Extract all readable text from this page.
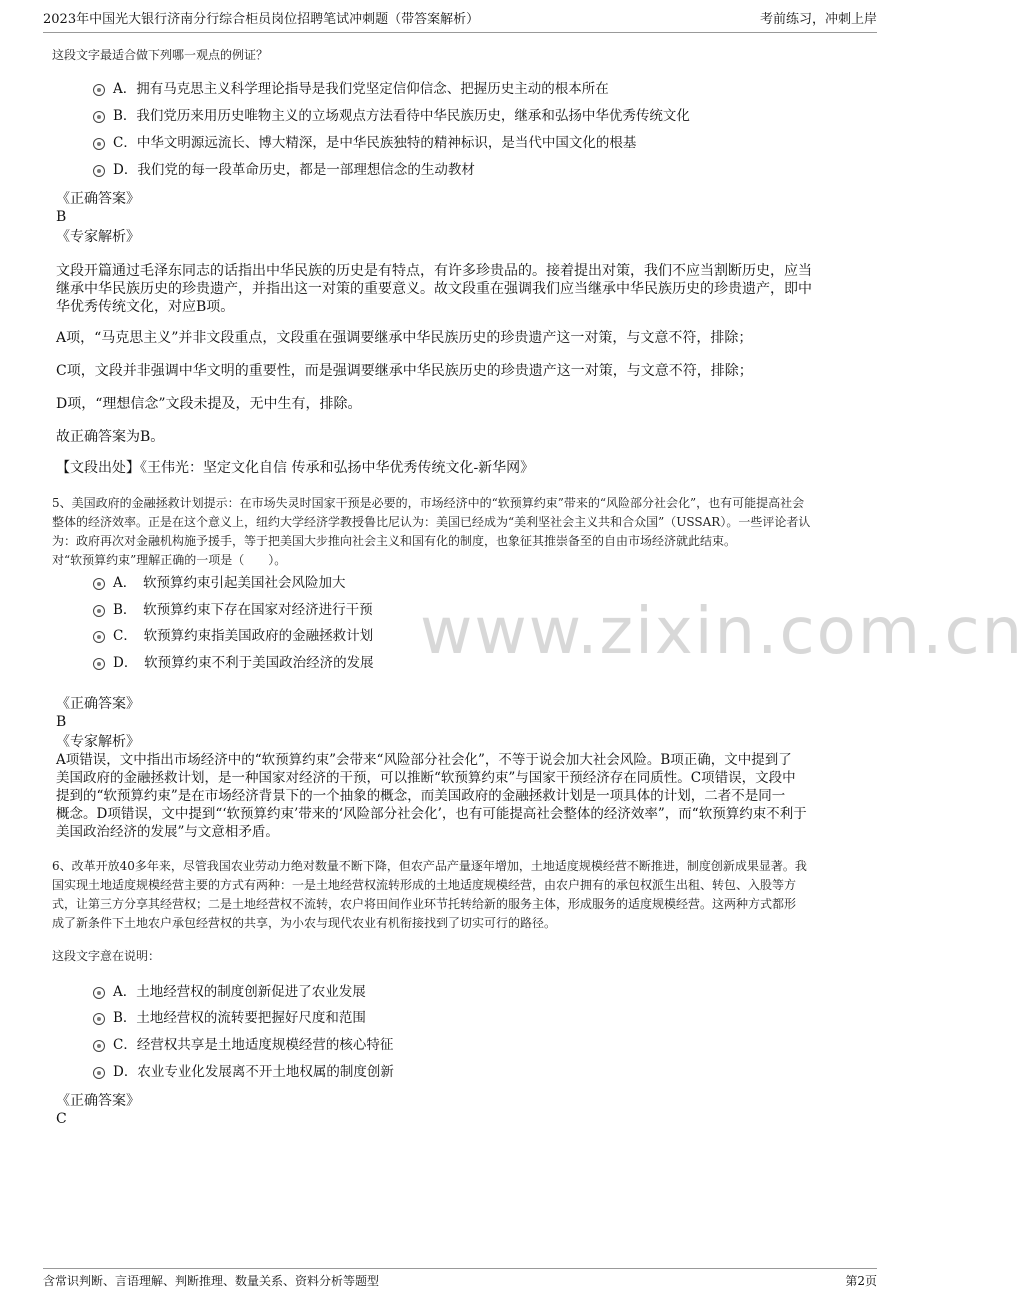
2023年中国光大银行济南分行综合柜员岗位招聘笔试冲刺题（带答案解析）	考前练习，冲刺上岸
www.zixin.com.cn
这段文字最适合做下列哪一观点的例证？
A．拥有马克思主义科学理论指导是我们党坚定信仰信念、把握历史主动的根本所在
B．我们党历来用历史唯物主义的立场观点方法看待中华民族历史，继承和弘扬中华优秀传统文化
C．中华文明源远流长、博大精深，是中华民族独特的精神标识，是当代中国文化的根基
D．我们党的每一段革命历史，都是一部理想信念的生动教材
《正确答案》
B
《专家解析》
文段开篇通过毛泽东同志的话指出中华民族的历史是有特点，有许多珍贵品的。接着提出对策，我们不应当割断历史，应当
继承中华民族历史的珍贵遗产，并指出这一对策的重要意义。故文段重在强调我们应当继承中华民族历史的珍贵遗产，即中
华优秀传统文化，对应B项。
A项，“马克思主义”并非文段重点，文段重在强调要继承中华民族历史的珍贵遗产这一对策，与文意不符，排除；
C项，文段并非强调中华文明的重要性，而是强调要继承中华民族历史的珍贵遗产这一对策，与文意不符，排除；
D项，“理想信念”文段未提及，无中生有，排除。
故正确答案为B。
【文段出处】《王伟光：坚定文化自信 传承和弘扬中华优秀传统文化-新华网》
5、美国政府的金融拯救计划提示：在市场失灵时国家干预是必要的，市场经济中的“软预算约束”带来的“风险部分社会化”，也有可能提高社会
整体的经济效率。正是在这个意义上，纽约大学经济学教授鲁比尼认为：美国已经成为“美利坚社会主义共和合众国”（USSAR）。一些评论者认
为：政府再次对金融机构施予援手，等于把美国大步推向社会主义和国有化的制度，也象征其推崇备至的自由市场经济就此结束。
对“软预算约束”理解正确的一项是（　　）。
A．　软预算约束引起美国社会风险加大
B．　软预算约束下存在国家对经济进行干预
C．　软预算约束指美国政府的金融拯救计划
D．　软预算约束不利于美国政治经济的发展
《正确答案》
B
《专家解析》
A项错误，文中指出市场经济中的“软预算约束”会带来“风险部分社会化”，不等于说会加大社会风险。B项正确，文中提到了
美国政府的金融拯救计划，是一种国家对经济的干预，可以推断“软预算约束”与国家干预经济存在同质性。C项错误，文段中
提到的“软预算约束”是在市场经济背景下的一个抽象的概念，而美国政府的金融拯救计划是一项具体的计划，二者不是同一
概念。D项错误，文中提到“‘软预算约束’带来的‘风险部分社会化’，也有可能提高社会整体的经济效率”，而“软预算约束不利于
美国政治经济的发展”与文意相矛盾。
6、改革开放40多年来，尽管我国农业劳动力绝对数量不断下降，但农产品产量逐年增加，土地适度规模经营不断推进，制度创新成果显著。我
国实现土地适度规模经营主要的方式有两种：一是土地经营权流转形成的土地适度规模经营，由农户拥有的承包权派生出租、转包、入股等方
式，让第三方分享其经营权；二是土地经营权不流转，农户将田间作业环节托转给新的服务主体，形成服务的适度规模经营。这两种方式都形
成了新条件下土地农户承包经营权的共享，为小农与现代农业有机衔接找到了切实可行的路径。
这段文字意在说明：
A．土地经营权的制度创新促进了农业发展
B．土地经营权的流转要把握好尺度和范围
C．经营权共享是土地适度规模经营的核心特征
D．农业专业化发展离不开土地权属的制度创新
《正确答案》
C
含常识判断、言语理解、判断推理、数量关系、资料分析等题型	第2页
